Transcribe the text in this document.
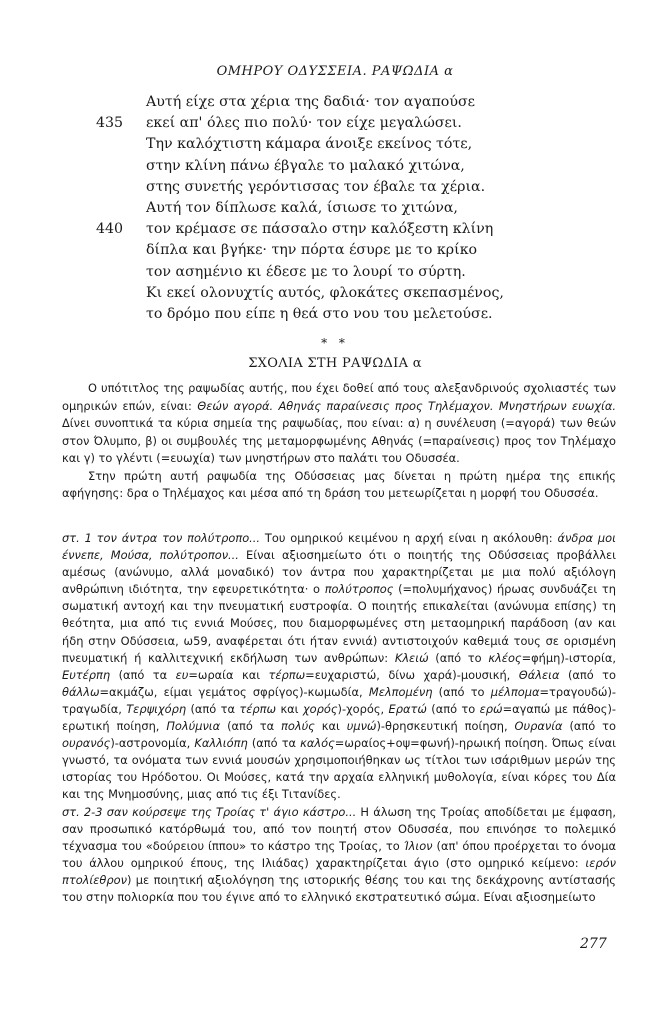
ΟΜΗΡΟΥ ΟΔΥΣΣΕΙΑ. ΡΑΨΩΔΙΑ α
Αυτή είχε στα χέρια της δαδιά· τον αγαπούσε
435	εκεί απ' όλες πιο πολύ· τον είχε μεγαλώσει.
Την καλόχτιστη κάμαρα άνοιξε εκείνος τότε,
στην κλίνη πάνω έβγαλε το μαλακό χιτώνα,
στης συνετής γερόντισσας τον έβαλε τα χέρια.
Αυτή τον δίπλωσε καλά, ίσιωσε το χιτώνα,
440	τον κρέμασε σε πάσσαλο στην καλόξεστη κλίνη
δίπλα και βγήκε· την πόρτα έσυρε με το κρίκο
τον ασημένιο κι έδεσε με το λουρί το σύρτη.
Κι εκεί ολονυχτίς αυτός, φλοκάτες σκεπασμένος,
το δρόμο που είπε η θεά στο νου του μελετούσε.
* *
ΣΧΟΛΙΑ ΣΤΗ ΡΑΨΩΔΙΑ α

Ο υπότιτλος της ραψωδίας αυτής, που έχει δοθεί από τους αλεξανδρινούς σχολιαστές των ομηρικών επών, είναι: Θεών αγορά. Αθηνάς παραίνεσις προς Τηλέμαχον. Μνηστήρων ευωχία. Δίνει συνοπτικά τα κύρια σημεία της ραψωδίας, που είναι: α) η συνέλευση (=αγορά) των θεών στον Όλυμπο, β) οι συμβουλές της μεταμορφωμένης Αθηνάς (=παραίνεσις) προς τον Τηλέμαχο και γ) το γλέντι (=ευωχία) των μνηστήρων στο παλάτι του Οδυσσέα.

Στην πρώτη αυτή ραψωδία της Οδύσσειας μας δίνεται η πρώτη ημέρα της επικής αφήγησης: δρα ο Τηλέμαχος και μέσα από τη δράση του μετεωρίζεται η μορφή του Οδυσσέα.

στ. 1 τον άντρα τον πολύτροπο... Του ομηρικού κειμένου η αρχή είναι η ακόλουθη: άνδρα μοι έννεπε, Μούσα, πολύτροπον... Είναι αξιοσημείωτο ότι ο ποιητής της Οδύσσειας προβάλλει αμέσως (ανώνυμο, αλλά μοναδικό) τον άντρα που χαρακτηρίζεται με μια πολύ αξιόλογη ανθρώπινη ιδιότητα, την εφευρετικότητα· ο πολύτροπος (=πολυμήχανος) ήρωας συνδυάζει τη σωματική αντοχή και την πνευματική ευστροφία. Ο ποιητής επικαλείται (ανώνυμα επίσης) τη θεότητα, μια από τις εννιά Μούσες, που διαμορφωμένες στη μεταομηρική παράδοση (αν και ήδη στην Οδύσσεια, ω59, αναφέρεται ότι ήταν εννιά) αντιστοιχούν καθεμιά τους σε ορισμένη πνευματική ή καλλιτεχνική εκδήλωση των ανθρώπων: Κλειώ (από το κλέος=φήμη)-ιστορία, Ευτέρπη (από τα ευ=ωραία και τέρπω=ευχαριστώ, δίνω χαρά)-μουσική, Θάλεια (από το θάλλω=ακμάζω, είμαι γεμάτος σφρίγος)-κωμωδία, Μελπομένη (από το μέλπομα=τραγουδώ)-τραγωδία, Τερψιχόρη (από τα τέρπω και χορός)-χορός, Ερατώ (από το ερώ=αγαπώ με πάθος)-ερωτική ποίηση, Πολύμνια (από τα πολύς και υμνώ)-θρησκευτική ποίηση, Ουρανία (από το ουρανός)-αστρονομία, Καλλιόπη (από τα καλός=ωραίος+οψ=φωνή)-ηρωική ποίηση. Όπως είναι γνωστό, τα ονόματα των εννιά μουσών χρησιμοποιήθηκαν ως τίτλοι των ισάριθμων μερών της ιστορίας του Ηρόδοτου. Οι Μούσες, κατά την αρχαία ελληνική μυθολογία, είναι κόρες του Δία και της Μνημοσύνης, μιας από τις έξι Τιτανίδες.

στ. 2-3 σαν κούρσεψε της Τροίας τ' άγιο κάστρο... Η άλωση της Τροίας αποδίδεται με έμφαση, σαν προσωπικό κατόρθωμά του, από τον ποιητή στον Οδυσσέα, που επινόησε το πολεμικό τέχνασμα του «δούρειου ίππου» το κάστρο της Τροίας, το Ίλιον (απ' όπου προέρχεται το όνομα του άλλου ομηρικού έπους, της Ιλιάδας) χαρακτηρίζεται άγιο (στο ομηρικό κείμενο: ιερόν πτολίεθρον) με ποιητική αξιολόγηση της ιστορικής θέσης του και της δεκάχρονης αντίστασής του στην πολιορκία που του έγινε από το ελληνικό εκστρατευτικό σώμα. Είναι αξιοσημείωτο

277
